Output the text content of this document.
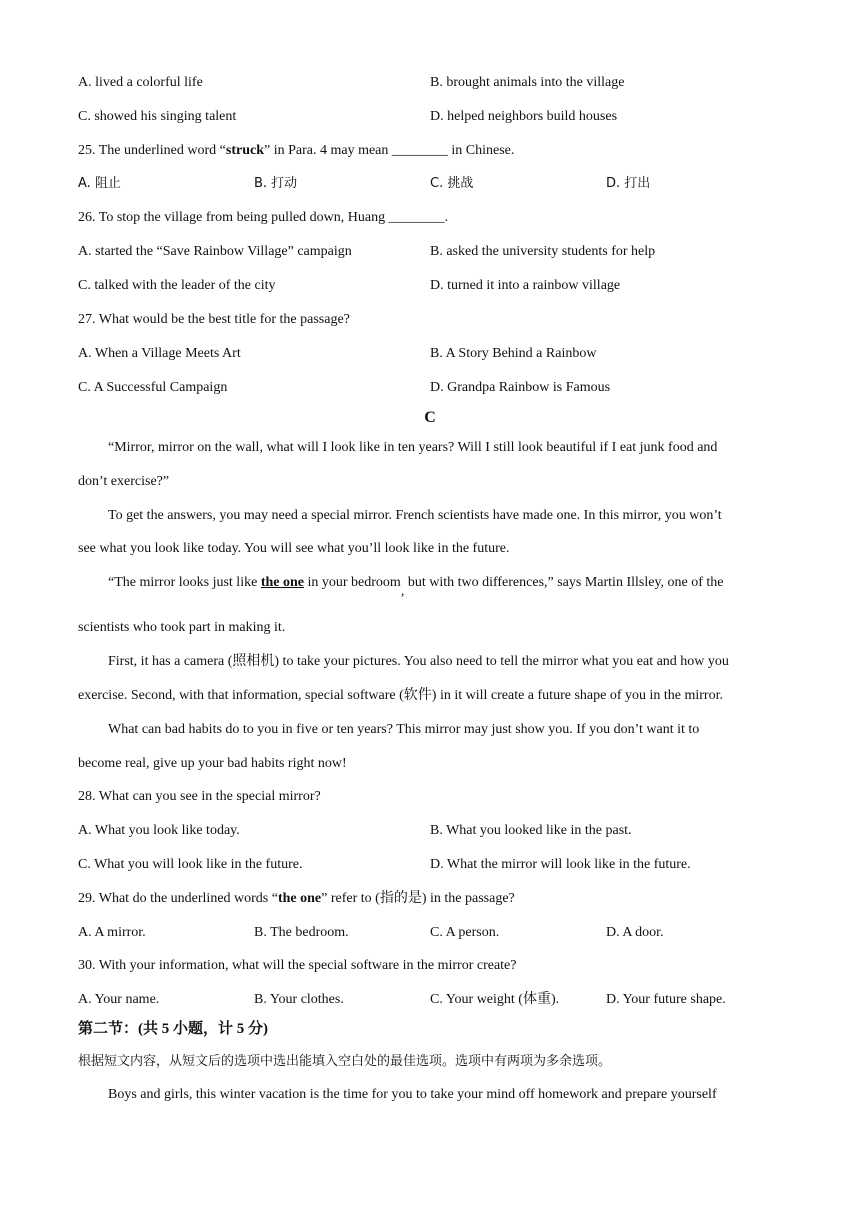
A. lived a colorful life	B. brought animals into the village
C. showed his singing talent	D. helped neighbors build houses
25. The underlined word “struck” in Para. 4 may mean ________ in Chinese.
A. 阻止	B. 打动	C. 挑战	D. 打出
26. To stop the village from being pulled down, Huang ________.
A. started the “Save Rainbow Village” campaign	B. asked the university students for help
C. talked with the leader of the city	D. turned it into a rainbow village
27. What would be the best title for the passage?
A. When a Village Meets Art	B. A Story Behind a Rainbow
C. A Successful Campaign	D. Grandpa Rainbow is Famous
C
“Mirror, mirror on the wall, what will I look like in ten years? Will I still look beautiful if I eat junk food and
don’t exercise?”
To get the answers, you may need a special mirror. French scientists have made one. In this mirror, you won’t
see what you look like today. You will see what you’ll look like in the future.
“The mirror looks just like the one in your bedroom, but with two differences,” says Martin Illsley, one of the
scientists who took part in making it.
First, it has a camera (照相机) to take your pictures. You also need to tell the mirror what you eat and how you
exercise. Second, with that information, special software (软件) in it will create a future shape of you in the mirror.
What can bad habits do to you in five or ten years? This mirror may just show you. If you don’t want it to
become real, give up your bad habits right now!
28. What can you see in the special mirror?
A. What you look like today.	B. What you looked like in the past.
C. What you will look like in the future.	D. What the mirror will look like in the future.
29. What do the underlined words “the one” refer to (指的是) in the passage?
A. A mirror.	B. The bedroom.	C. A person.	D. A door.
30. With your information, what will the special software in the mirror create?
A. Your name.	B. Your clothes.	C. Your weight (体重).	D. Your future shape.
第二节：(共 5 小题，计 5 分)
根据短文内容，从短文后的选项中选出能填入空白处的最佳选项。选项中有两项为多余选项。
Boys and girls, this winter vacation is the time for you to take your mind off homework and prepare yourself
